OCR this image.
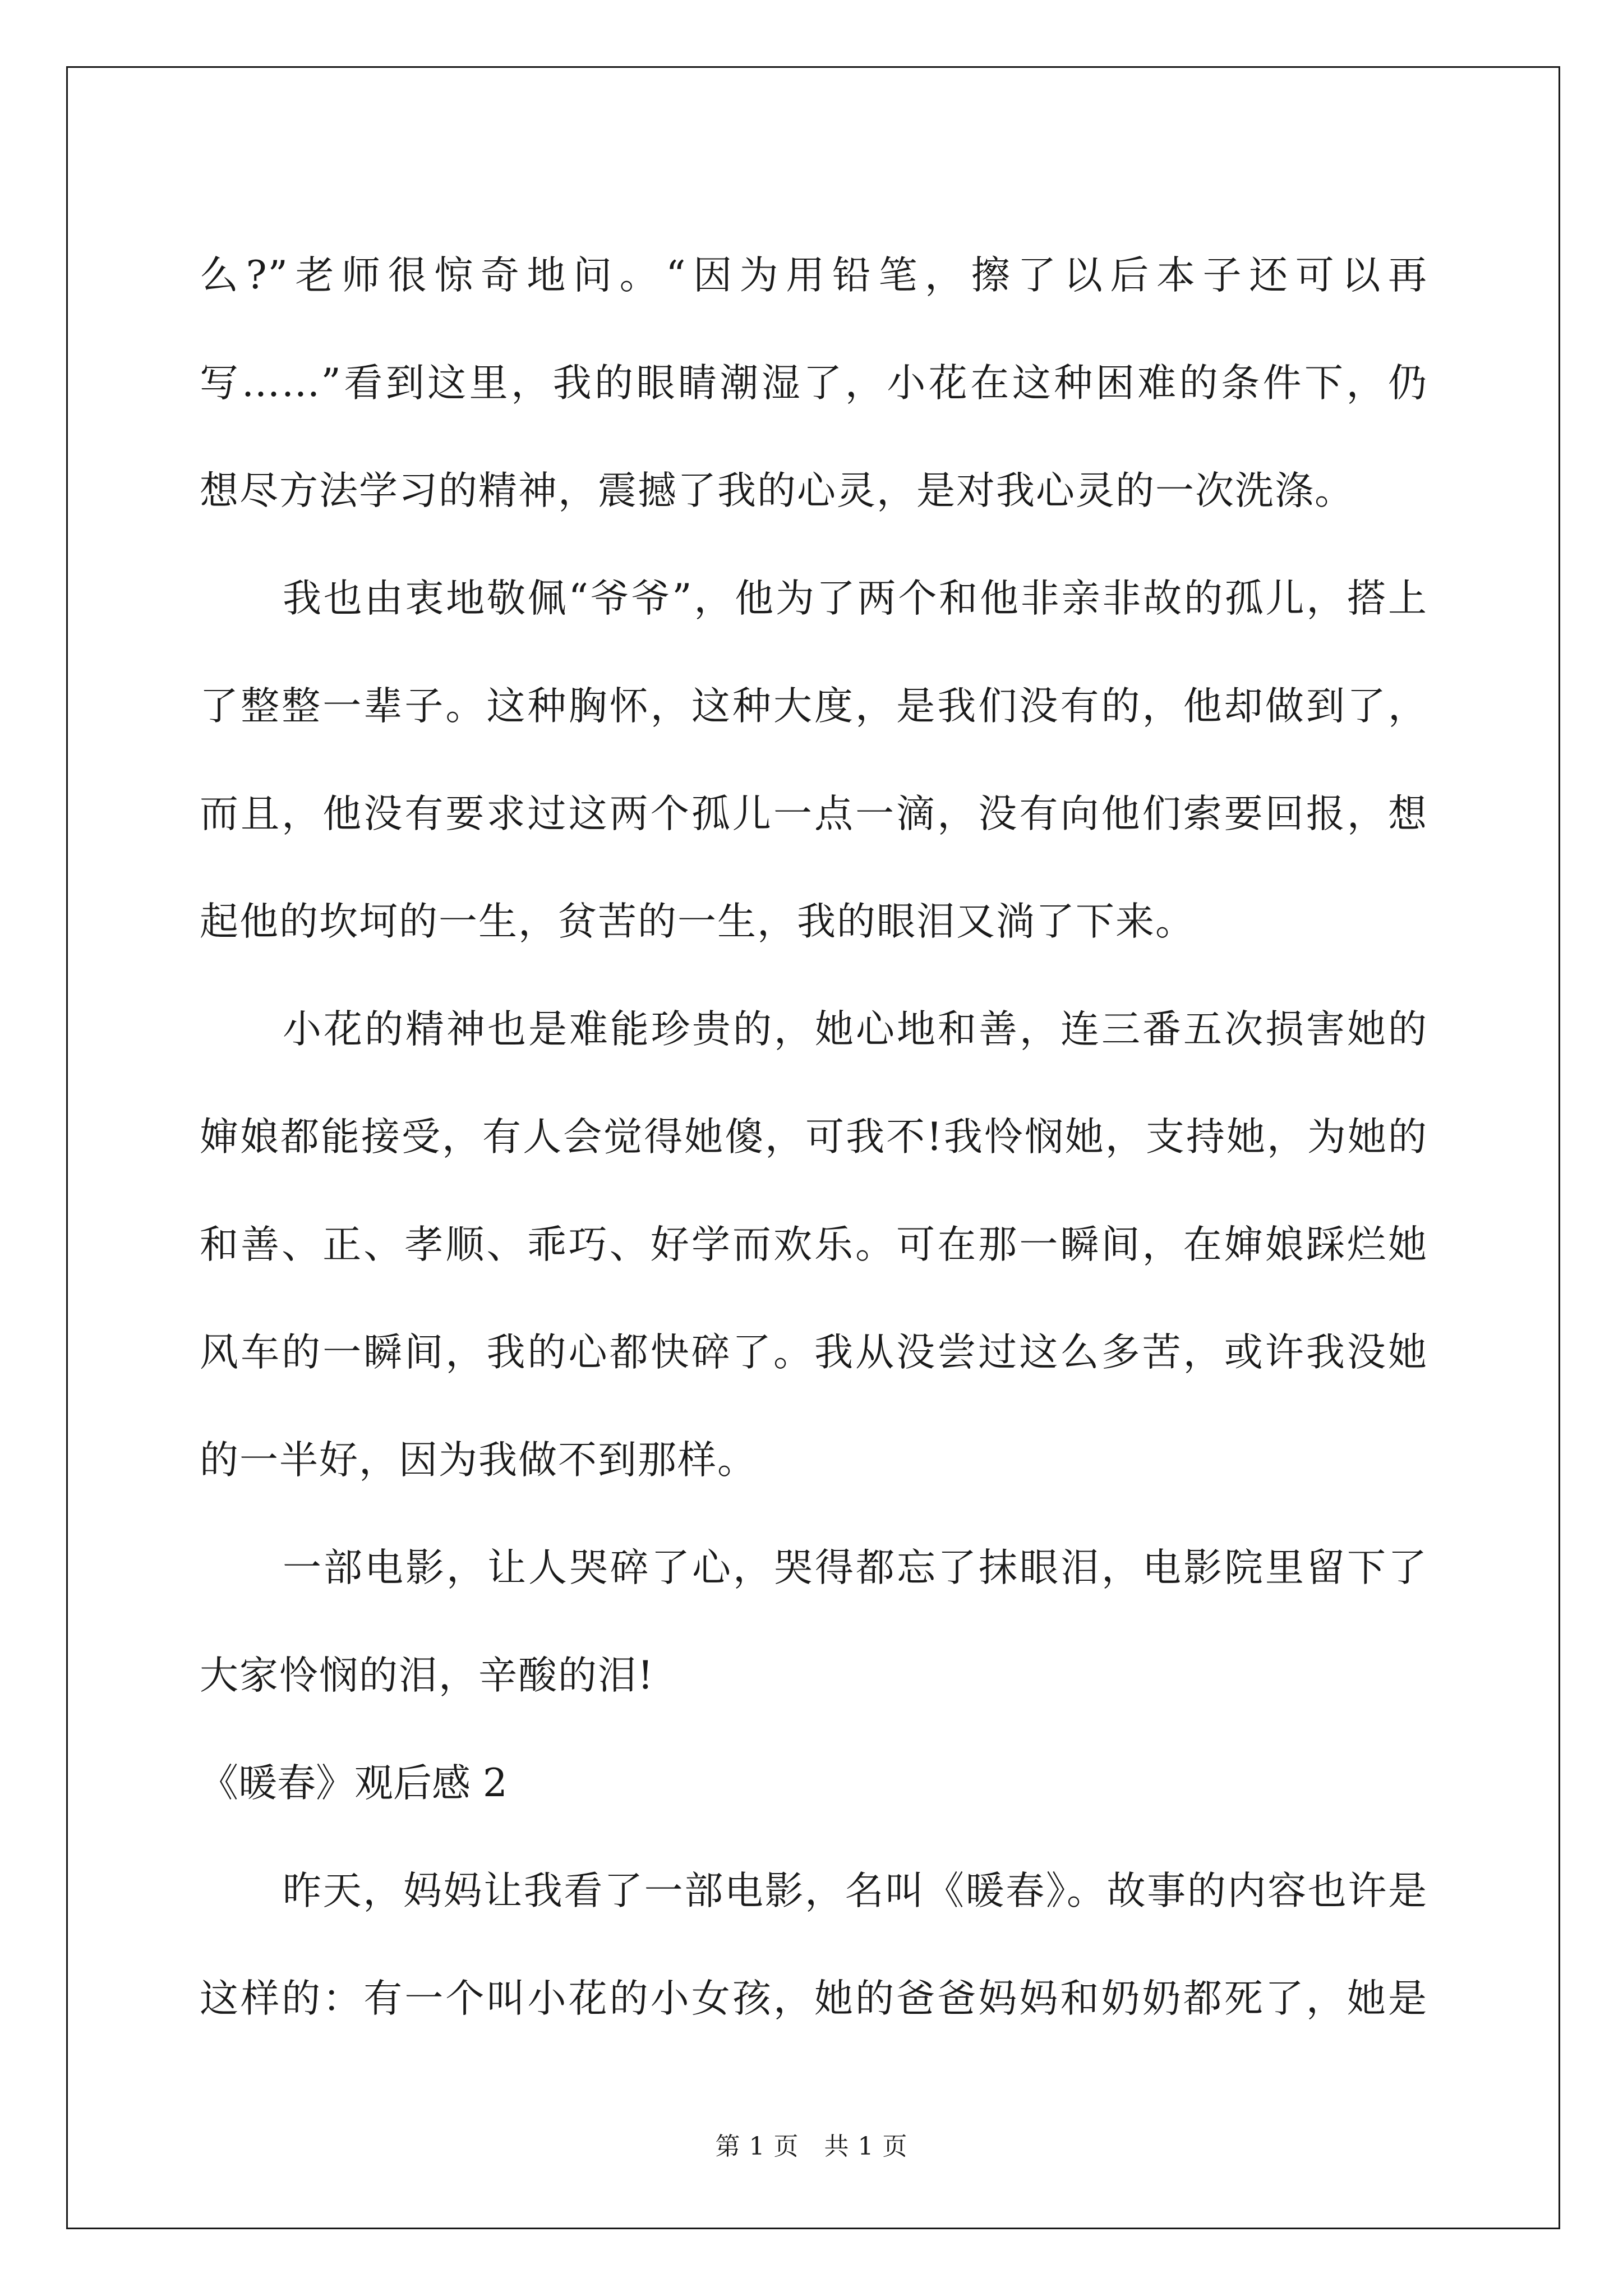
么?”老师很惊奇地问。“因为用铅笔，擦了以后本子还可以再
写……”看到这里，我的眼睛潮湿了，小花在这种困难的条件下，仍
想尽方法学习的精神，震撼了我的心灵，是对我心灵的一次洗涤。
我也由衷地敬佩“爷爷”，他为了两个和他非亲非故的孤儿，搭上
了整整一辈子。这种胸怀，这种大度，是我们没有的，他却做到了，
而且，他没有要求过这两个孤儿一点一滴，没有向他们索要回报，想
起他的坎坷的一生，贫苦的一生，我的眼泪又淌了下来。
小花的精神也是难能珍贵的，她心地和善，连三番五次损害她的
婶娘都能接受，有人会觉得她傻，可我不!我怜悯她，支持她，为她的
和善、正、孝顺、乖巧、好学而欢乐。可在那一瞬间，在婶娘踩烂她
风车的一瞬间，我的心都快碎了。我从没尝过这么多苦，或许我没她
的一半好，因为我做不到那样。
一部电影，让人哭碎了心，哭得都忘了抹眼泪，电影院里留下了
大家怜悯的泪，辛酸的泪!
《暖春》观后感 2
昨天，妈妈让我看了一部电影，名叫《暖春》。故事的内容也许是
这样的：有一个叫小花的小女孩，她的爸爸妈妈和奶奶都死了，她是
第 1 页　共 1 页
